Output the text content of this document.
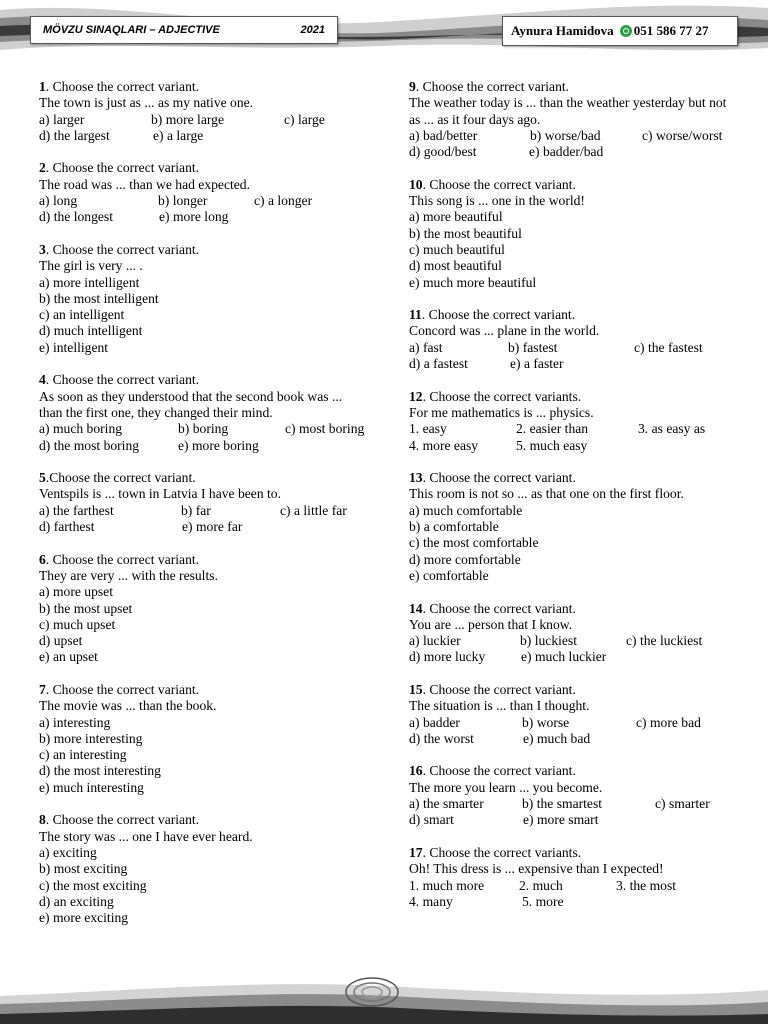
MÖVZU SINAQLARI – ADJECTIVE	2021	Aynura Hamidova 051 586 77 27

1. Choose the correct variant.

The town is just as ... as my native one.

a) larger	b) more large	c) large
d) the largest	e) a large

2. Choose the correct variant.

The road was ... than we had expected.

a) long	b) longer	c) a longer
d) the longest	e) more long

3. Choose the correct variant.

The girl is very ... .

a) more intelligent

b) the most intelligent

c) an intelligent

d) much intelligent

e) intelligent

4. Choose the correct variant.

As soon as they understood that the second book was ...

than the first one, they changed their mind.

a) much boring	b) boring	c) most boring
d) the most boring	e) more boring

5.Choose the correct variant.

Ventspils is ... town in Latvia I have been to.

a) the farthest	b) far	c) a little far
d) farthest	e) more far

6. Choose the correct variant.

They are very ... with the results.

a) more upset

b) the most upset

c) much upset

d) upset

e) an upset

7. Choose the correct variant.

The movie was ... than the book.

a) interesting

b) more interesting

c) an interesting

d) the most interesting

e) much interesting

8. Choose the correct variant.

The story was ... one I have ever heard.

a) exciting

b) most exciting

c) the most exciting

d) an exciting

e) more exciting

9. Choose the correct variant.

The weather today is ... than the weather yesterday but not

as ... as it four days ago.

a) bad/better	b) worse/bad	c) worse/worst
d) good/best	e) badder/bad

10. Choose the correct variant.

This song is ... one in the world!

a) more beautiful

b) the most beautiful

c) much beautiful

d) most beautiful

e) much more beautiful

11. Choose the correct variant.

Concord was ... plane in the world.

a) fast	b) fastest	c) the fastest
d) a fastest	e) a faster

12. Choose the correct variants.

For me mathematics is ... physics.

1. easy	2. easier than	3. as easy as
4. more easy	5. much easy

13. Choose the correct variant.

This room is not so ... as that one on the first floor.

a) much comfortable

b) a comfortable

c) the most comfortable

d) more comfortable

e) comfortable

14. Choose the correct variant.

You are ... person that I know.

a) luckier	b) luckiest	c) the luckiest
d) more lucky	e) much luckier

15. Choose the correct variant.

The situation is ... than I thought.

a) badder	b) worse	c) more bad
d) the worst	e) much bad

16. Choose the correct variant.

The more you learn ... you become.

a) the smarter	b) the smartest	c) smarter
d) smart	e) more smart

17. Choose the correct variants.

Oh! This dress is ... expensive than I expected!

1. much more	2. much	3. the most
4. many	5. more
